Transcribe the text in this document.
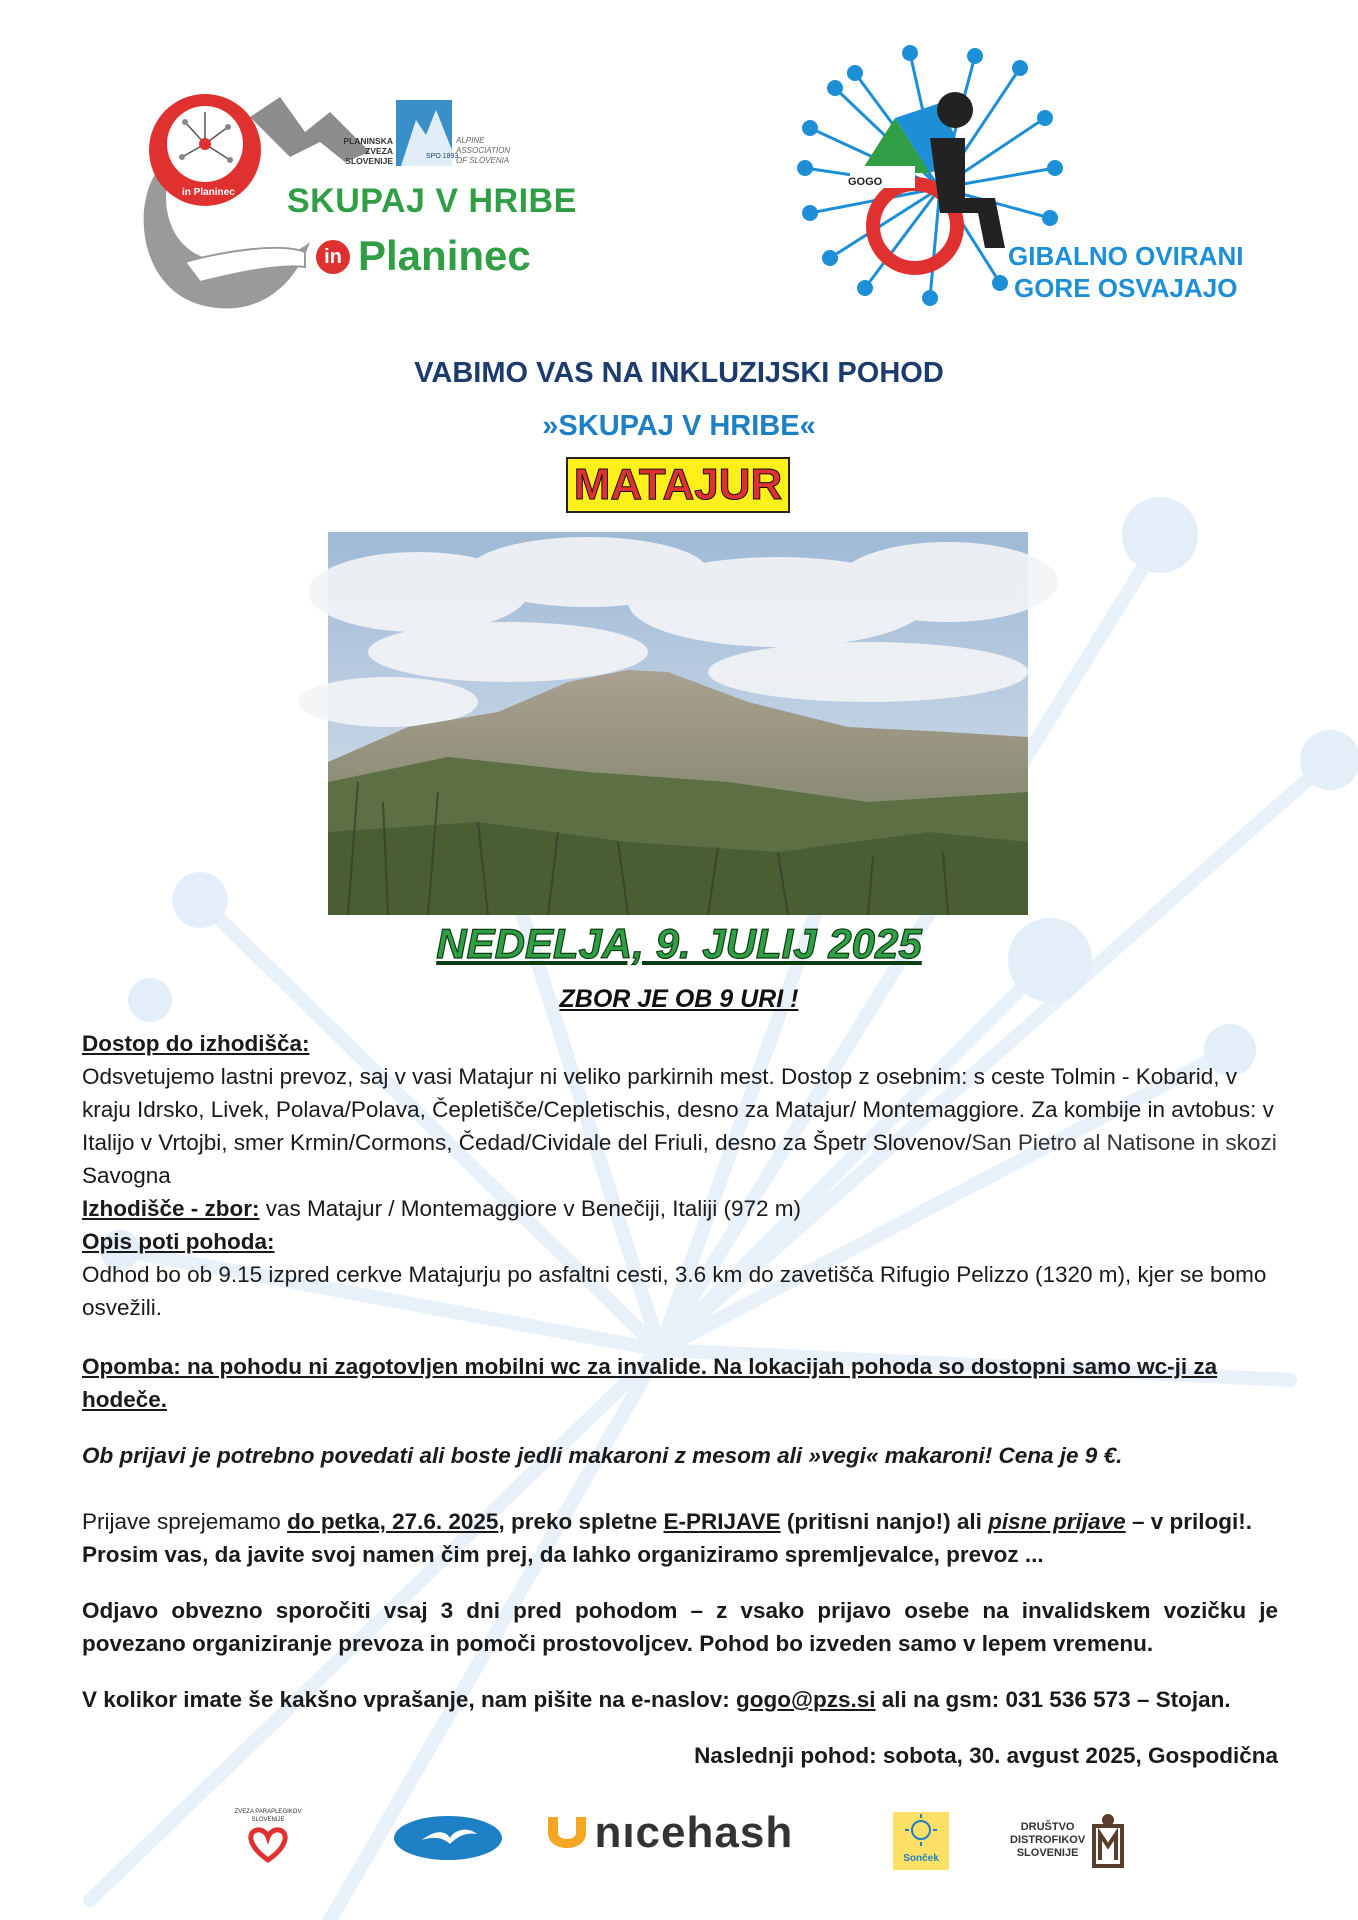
in Planinec
PLANINSKA
ZVEZA
SLOVENIJE	SPO 1893
ALPINE
ASSOCIATION
OF SLOVENIA
SKUPAJ V HRIBE
in Planinec
GOGO
GIBALNO OVIRANI
GORE OSVAJAJO
VABIMO VAS NA INKLUZIJSKI POHOD
»SKUPAJ V HRIBE«
MATAJUR
NEDELJA, 9. JULIJ 2025
ZBOR JE OB 9 URI !
Dostop do izhodišča:
Odsvetujemo lastni prevoz, saj v vasi Matajur ni veliko parkirnih mest. Dostop z osebnim: s ceste Tolmin - Kobarid, v kraju Idrsko, Livek, Polava/Polava, Čepletišče/Cepletischis, desno za Matajur/ Montemaggiore. Za kombije in avtobus: v Italijo v Vrtojbi, smer Krmin/Cormons, Čedad/Cividale del Friuli, desno za Špetr Slovenov/San Pietro al Natisone in skozi Savogna
Izhodišče - zbor: vas Matajur / Montemaggiore v Benečiji, Italiji (972 m)
Opis poti pohoda:
Odhod bo ob 9.15 izpred cerkve Matajurju po asfaltni cesti, 3.6 km do zavetišča Rifugio Pelizzo (1320 m), kjer se bomo osvežili.
Opomba: na pohodu ni zagotovljen mobilni wc za invalide. Na lokacijah pohoda so dostopni samo wc-ji za hodeče.
Ob prijavi je potrebno povedati ali boste jedli makaroni z mesom ali »vegi« makaroni! Cena je 9 €.
Prijave sprejemamo do petka, 27.6. 2025, preko spletne E-PRIJAVE (pritisni nanjo!) ali pisne prijave – v prilogi!. Prosim vas, da javite svoj namen čim prej, da lahko organiziramo spremljevalce, prevoz ...
Odjavo obvezno sporočiti vsaj 3 dni pred pohodom – z vsako prijavo osebe na invalidskem vozičku je povezano organiziranje prevoza in pomoči prostovoljcev. Pohod bo izveden samo v lepem vremenu.
V kolikor imate še kakšno vprašanje, nam pišite na e-naslov: gogo@pzs.si ali na gsm: 031 536 573 – Stojan.
Naslednji pohod: sobota, 30. avgust 2025, Gospodična
ZVEZA PARAPLEGIKOV
SLOVENIJE	nıcehash
Sonček
DRUŠTVO
DISTROFIKOV
SLOVENIJE
